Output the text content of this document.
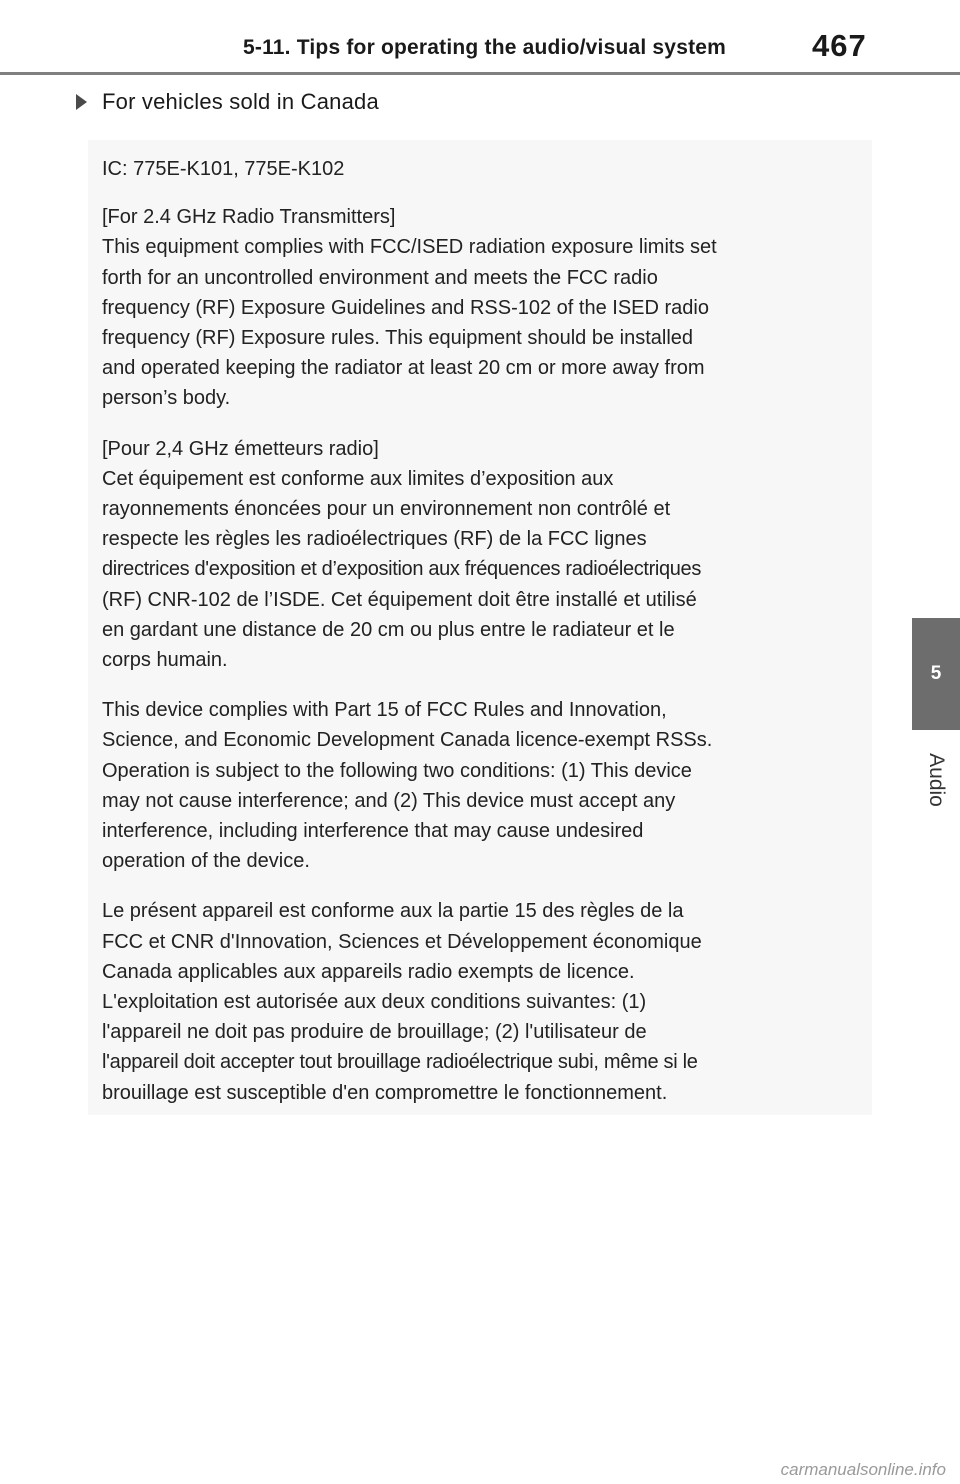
5-11. Tips for operating the audio/visual system	467
5
Audio
For vehicles sold in Canada
IC: 775E-K101, 775E-K102
[For 2.4 GHz Radio Transmitters]
This equipment complies with FCC/ISED radiation exposure limits set
forth for an uncontrolled environment and meets the FCC radio
frequency (RF) Exposure Guidelines and RSS-102 of the ISED radio
frequency (RF) Exposure rules. This equipment should be installed
and operated keeping the radiator at least 20 cm or more away from
person’s body.
[Pour 2,4 GHz émetteurs radio]
Cet équipement est conforme aux limites d’exposition aux
rayonnements énoncées pour un environnement non contrôlé et
respecte les règles les radioélectriques (RF) de la FCC lignes
directrices d'exposition et d’exposition aux fréquences radioélectriques
(RF) CNR-102 de l’ISDE. Cet équipement doit être installé et utilisé
en gardant une distance de 20 cm ou plus entre le radiateur et le
corps humain.
This device complies with Part 15 of FCC Rules and Innovation,
Science, and Economic Development Canada licence-exempt RSSs.
Operation is subject to the following two conditions: (1) This device
may not cause interference; and (2) This device must accept any
interference, including interference that may cause undesired
operation of the device.
Le présent appareil est conforme aux la partie 15 des règles de la
FCC et CNR d'Innovation, Sciences et Développement économique
Canada applicables aux appareils radio exempts de licence.
L'exploitation est autorisée aux deux conditions suivantes: (1)
l'appareil ne doit pas produire de brouillage; (2) l'utilisateur de
l'appareil doit accepter tout brouillage radioélectrique subi, même si le
brouillage est susceptible d'en compromettre le fonctionnement.
carmanualsonline.info
